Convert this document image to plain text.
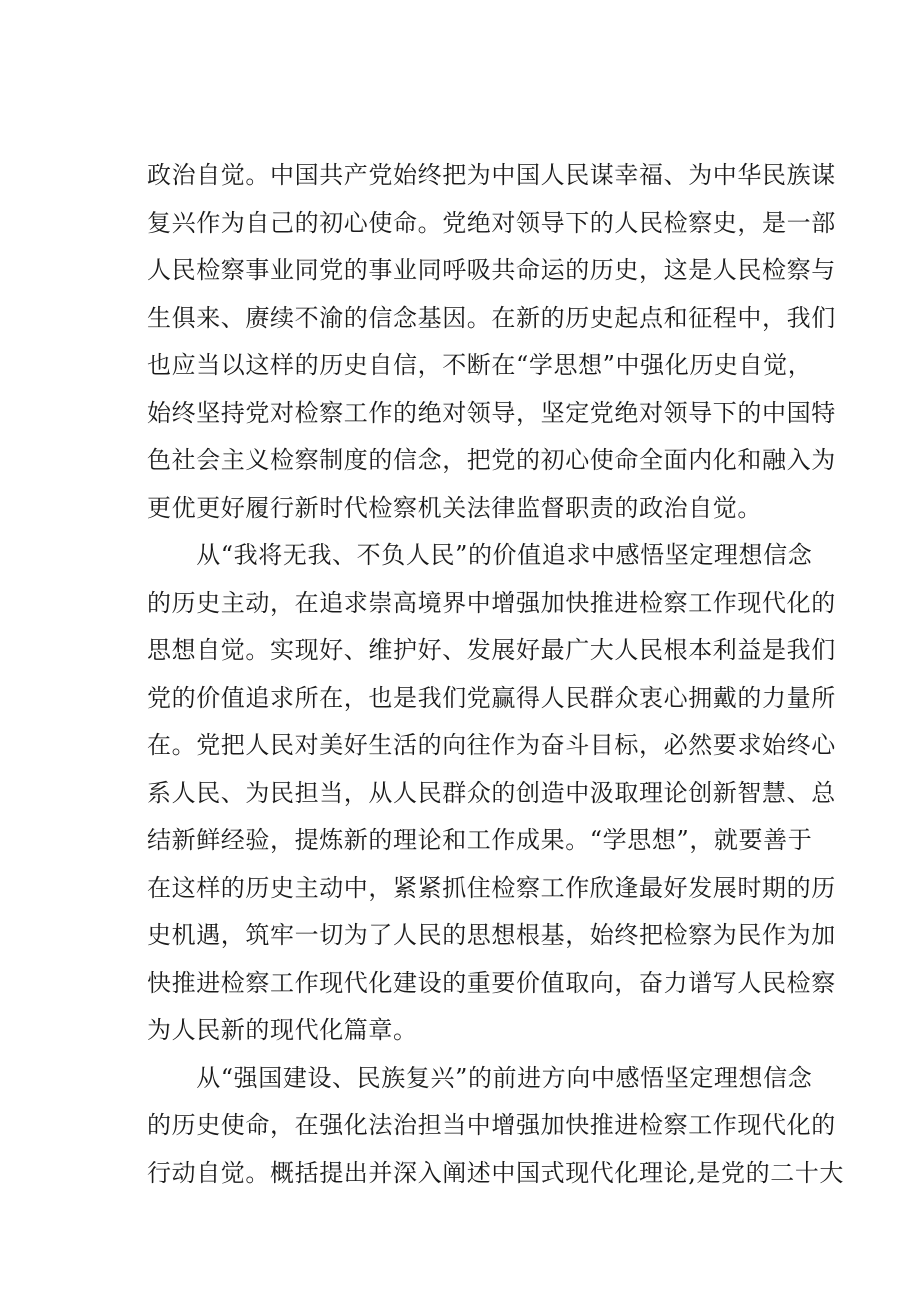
政治自觉。中国共产党始终把为中国人民谋幸福、为中华民族谋
复兴作为自己的初心使命。党绝对领导下的人民检察史，是一部
人民检察事业同党的事业同呼吸共命运的历史，这是人民检察与
生俱来、赓续不渝的信念基因。在新的历史起点和征程中，我们
也应当以这样的历史自信，不断在“学思想”中强化历史自觉，
始终坚持党对检察工作的绝对领导，坚定党绝对领导下的中国特
色社会主义检察制度的信念，把党的初心使命全面内化和融入为
更优更好履行新时代检察机关法律监督职责的政治自觉。
　　从“我将无我、不负人民”的价值追求中感悟坚定理想信念
的历史主动，在追求崇高境界中增强加快推进检察工作现代化的
思想自觉。实现好、维护好、发展好最广大人民根本利益是我们
党的价值追求所在，也是我们党赢得人民群众衷心拥戴的力量所
在。党把人民对美好生活的向往作为奋斗目标，必然要求始终心
系人民、为民担当，从人民群众的创造中汲取理论创新智慧、总
结新鲜经验，提炼新的理论和工作成果。“学思想”，就要善于
在这样的历史主动中，紧紧抓住检察工作欣逢最好发展时期的历
史机遇，筑牢一切为了人民的思想根基，始终把检察为民作为加
快推进检察工作现代化建设的重要价值取向，奋力谱写人民检察
为人民新的现代化篇章。
　　从“强国建设、民族复兴”的前进方向中感悟坚定理想信念
的历史使命，在强化法治担当中增强加快推进检察工作现代化的
行动自觉。概括提出并深入阐述中国式现代化理论,是党的二十大
